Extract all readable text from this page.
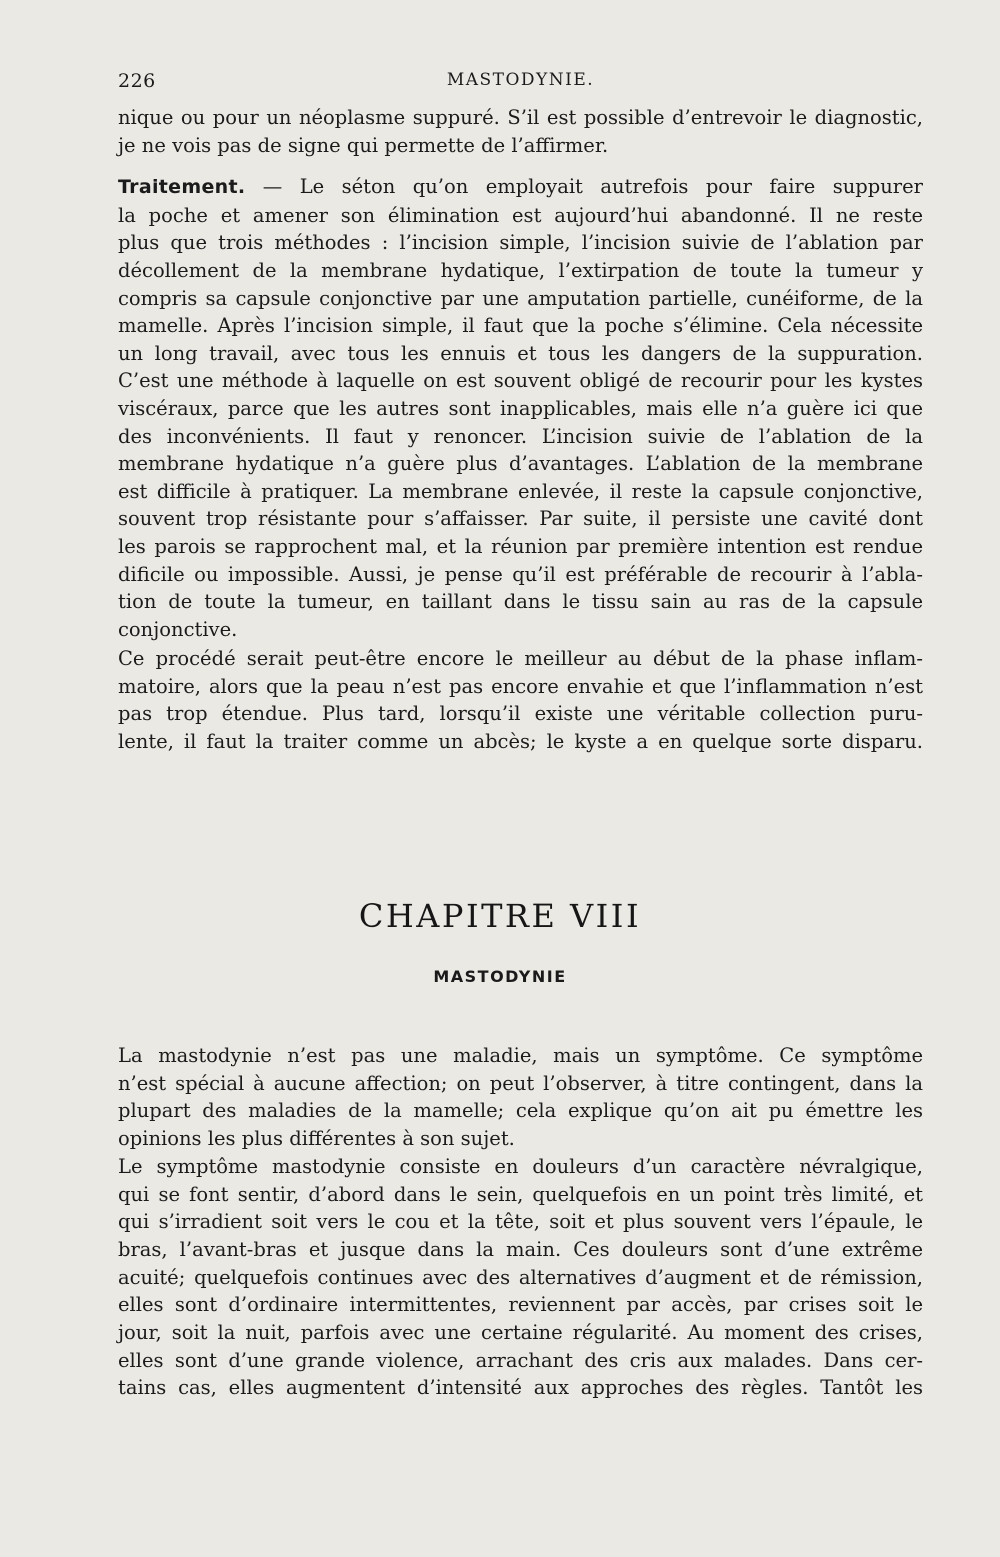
226	MASTODYNIE.

nique ou pour un néoplasme suppuré. S’il est possible d’entrevoir le diagnostic,
je ne vois pas de signe qui permette de l’affirmer.

Traitement. — Le séton qu’on employait autrefois pour faire suppurer
la poche et amener son élimination est aujourd’hui abandonné. Il ne reste
plus que trois méthodes : l’incision simple, l’incision suivie de l’ablation par
décollement de la membrane hydatique, l’extirpation de toute la tumeur y
compris sa capsule conjonctive par une amputation partielle, cunéiforme, de la
mamelle. Après l’incision simple, il faut que la poche s’élimine. Cela nécessite
un long travail, avec tous les ennuis et tous les dangers de la suppuration.
C’est une méthode à laquelle on est souvent obligé de recourir pour les kystes
viscéraux, parce que les autres sont inapplicables, mais elle n’a guère ici que
des inconvénients. Il faut y renoncer. L’incision suivie de l’ablation de la
membrane hydatique n’a guère plus d’avantages. L’ablation de la membrane
est difficile à pratiquer. La membrane enlevée, il reste la capsule conjonctive,
souvent trop résistante pour s’affaisser. Par suite, il persiste une cavité dont
les parois se rapprochent mal, et la réunion par première intention est rendue
dificile ou impossible. Aussi, je pense qu’il est préférable de recourir à l’abla-
tion de toute la tumeur, en taillant dans le tissu sain au ras de la capsule
conjonctive.

Ce procédé serait peut-être encore le meilleur au début de la phase inflam-
matoire, alors que la peau n’est pas encore envahie et que l’inflammation n’est
pas trop étendue. Plus tard, lorsqu’il existe une véritable collection puru-
lente, il faut la traiter comme un abcès; le kyste a en quelque sorte disparu.

CHAPITRE VIII
MASTODYNIE

La mastodynie n’est pas une maladie, mais un symptôme. Ce symptôme
n’est spécial à aucune affection; on peut l’observer, à titre contingent, dans la
plupart des maladies de la mamelle; cela explique qu’on ait pu émettre les
opinions les plus différentes à son sujet.

Le symptôme mastodynie consiste en douleurs d’un caractère névralgique,
qui se font sentir, d’abord dans le sein, quelquefois en un point très limité, et
qui s’irradient soit vers le cou et la tête, soit et plus souvent vers l’épaule, le
bras, l’avant-bras et jusque dans la main. Ces douleurs sont d’une extrême
acuité; quelquefois continues avec des alternatives d’augment et de rémission,
elles sont d’ordinaire intermittentes, reviennent par accès, par crises soit le
jour, soit la nuit, parfois avec une certaine régularité. Au moment des crises,
elles sont d’une grande violence, arrachant des cris aux malades. Dans cer-
tains cas, elles augmentent d’intensité aux approches des règles. Tantôt les
